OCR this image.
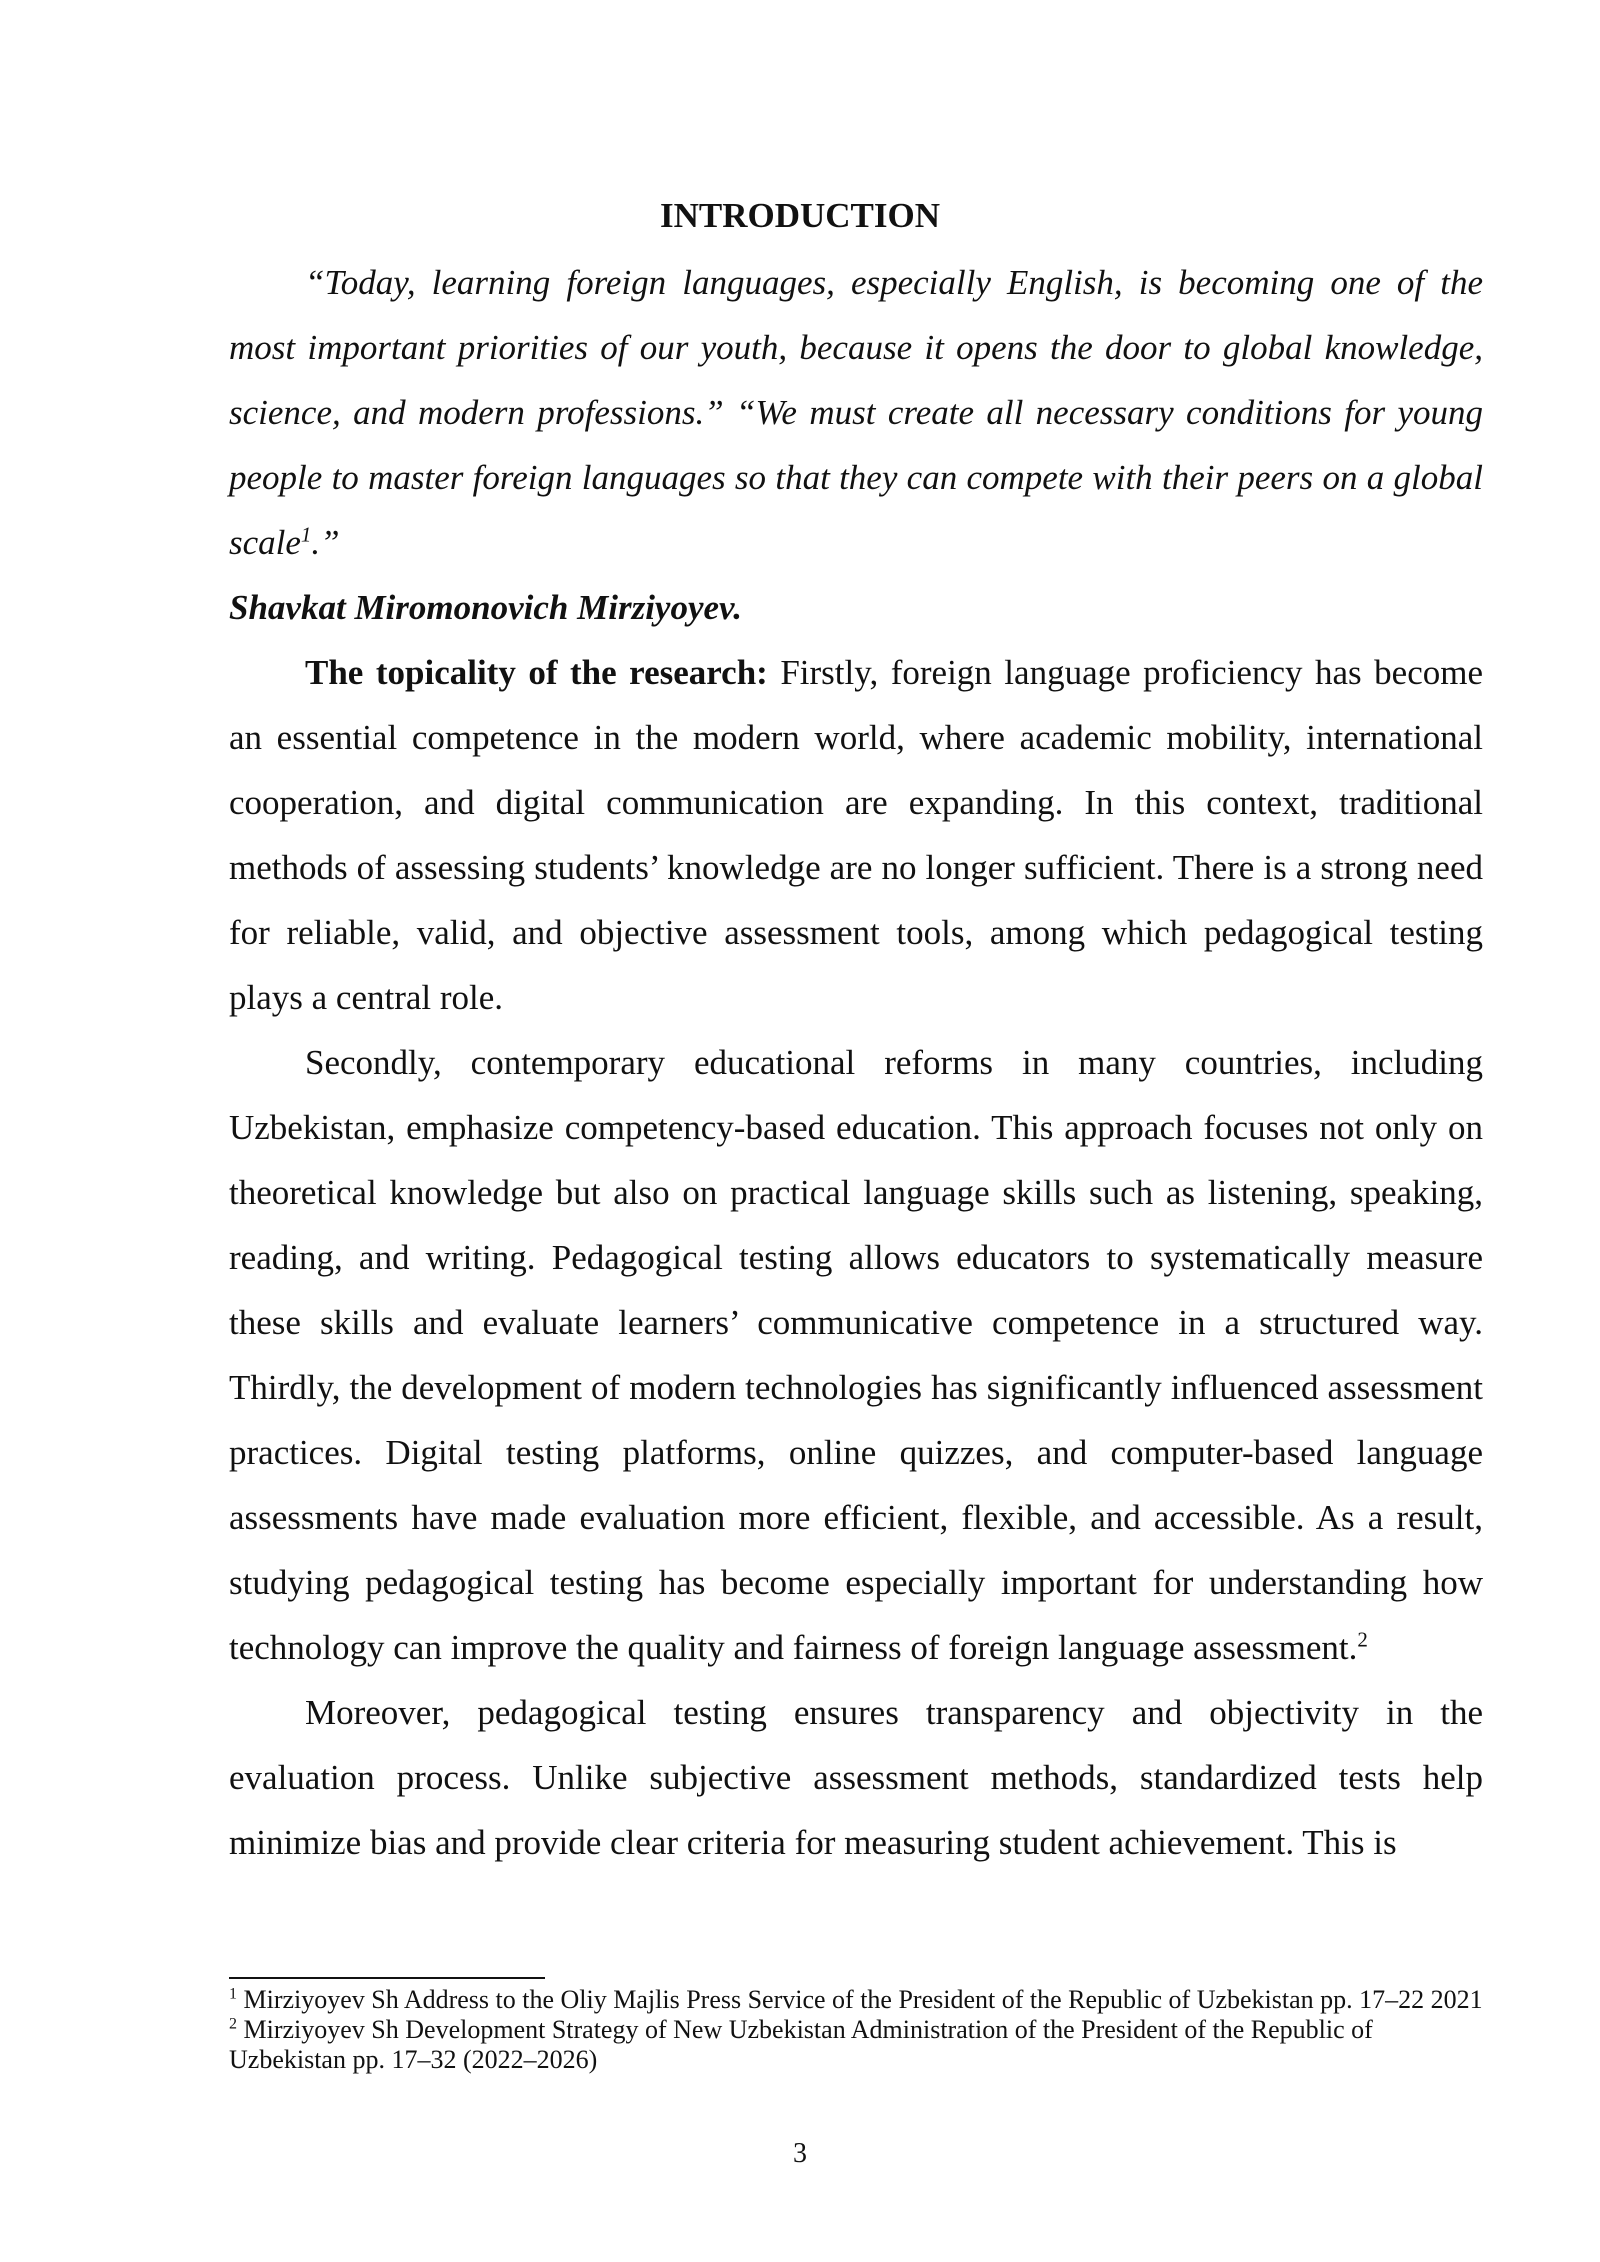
INTRODUCTION

“Today, learning foreign languages, especially English, is becoming one of the most important priorities of our youth, because it opens the door to global knowledge, science, and modern professions.” “We must create all necessary conditions for young people to master foreign languages so that they can compete with their peers on a global scale$^1$.”

Shavkat Miromonovich Mirziyoyev.

The topicality of the research: Firstly, foreign language proficiency has become an essential competence in the modern world, where academic mobility, international cooperation, and digital communication are expanding. In this context, traditional methods of assessing students’ knowledge are no longer sufficient. There is a strong need for reliable, valid, and objective assessment tools, among which pedagogical testing plays a central role.

Secondly, contemporary educational reforms in many countries, including Uzbekistan, emphasize competency-based education. This approach focuses not only on theoretical knowledge but also on practical language skills such as listening, speaking, reading, and writing. Pedagogical testing allows educators to systematically measure these skills and evaluate learners’ communicative competence in a structured way. Thirdly, the development of modern technologies has significantly influenced assessment practices. Digital testing platforms, online quizzes, and computer-based language assessments have made evaluation more efficient, flexible, and accessible. As a result, studying pedagogical testing has become especially important for understanding how technology can improve the quality and fairness of foreign language assessment.$^2$

Moreover, pedagogical testing ensures transparency and objectivity in the evaluation process. Unlike subjective assessment methods, standardized tests help minimize bias and provide clear criteria for measuring student achievement. This is

$^1$ Mirziyoyev Sh Address to the Oliy Majlis Press Service of the President of the Republic of Uzbekistan pp. 17–22 2021

$^2$ Mirziyoyev Sh Development Strategy of New Uzbekistan Administration of the President of the Republic of Uzbekistan pp. 17–32 (2022–2026)

3
